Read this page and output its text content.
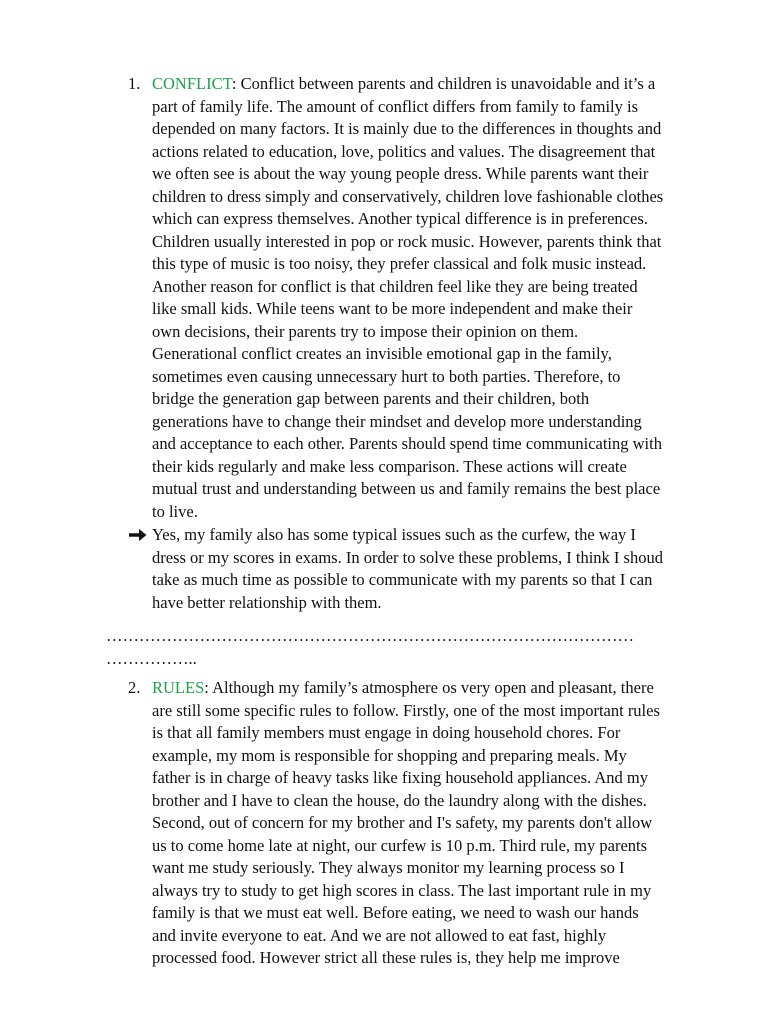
1. CONFLICT: Conflict between parents and children is unavoidable and it’s a
part of family life. The amount of conflict differs from family to family is
depended on many factors. It is mainly due to the differences in thoughts and
actions related to education, love, politics and values. The disagreement that
we often see is about the way young people dress. While parents want their
children to dress simply and conservatively, children love fashionable clothes
which can express themselves. Another typical difference is in preferences.
Children usually interested in pop or rock music. However, parents think that
this type of music is too noisy, they prefer classical and folk music instead.
Another reason for conflict is that children feel like they are being treated
like small kids. While teens want to be more independent and make their
own decisions, their parents try to impose their opinion on them.
Generational conflict creates an invisible emotional gap in the family,
sometimes even causing unnecessary hurt to both parties. Therefore, to
bridge the generation gap between parents and their children, both
generations have to change their mindset and develop more understanding
and acceptance to each other. Parents should spend time communicating with
their kids regularly and make less comparison. These actions will create
mutual trust and understanding between us and family remains the best place
to live.
Yes, my family also has some typical issues such as the curfew, the way I
dress or my scores in exams. In order to solve these problems, I think I shoud
take as much time as possible to communicate with my parents so that I can
have better relationship with them.
……………………………………………………………………………………
……………..
2. RULES: Although my family’s atmosphere os very open and pleasant, there
are still some specific rules to follow. Firstly, one of the most important rules
is that all family members must engage in doing household chores. For
example, my mom is responsible for shopping and preparing meals. My
father is in charge of heavy tasks like fixing household appliances. And my
brother and I have to clean the house, do the laundry along with the dishes.
Second, out of concern for my brother and I's safety, my parents don't allow
us to come home late at night, our curfew is 10 p.m. Third rule, my parents
want me study seriously. They always monitor my learning process so I
always try to study to get high scores in class. The last important rule in my
family is that we must eat well. Before eating, we need to wash our hands
and invite everyone to eat. And we are not allowed to eat fast, highly
processed food. However strict all these rules is, they help me improve
